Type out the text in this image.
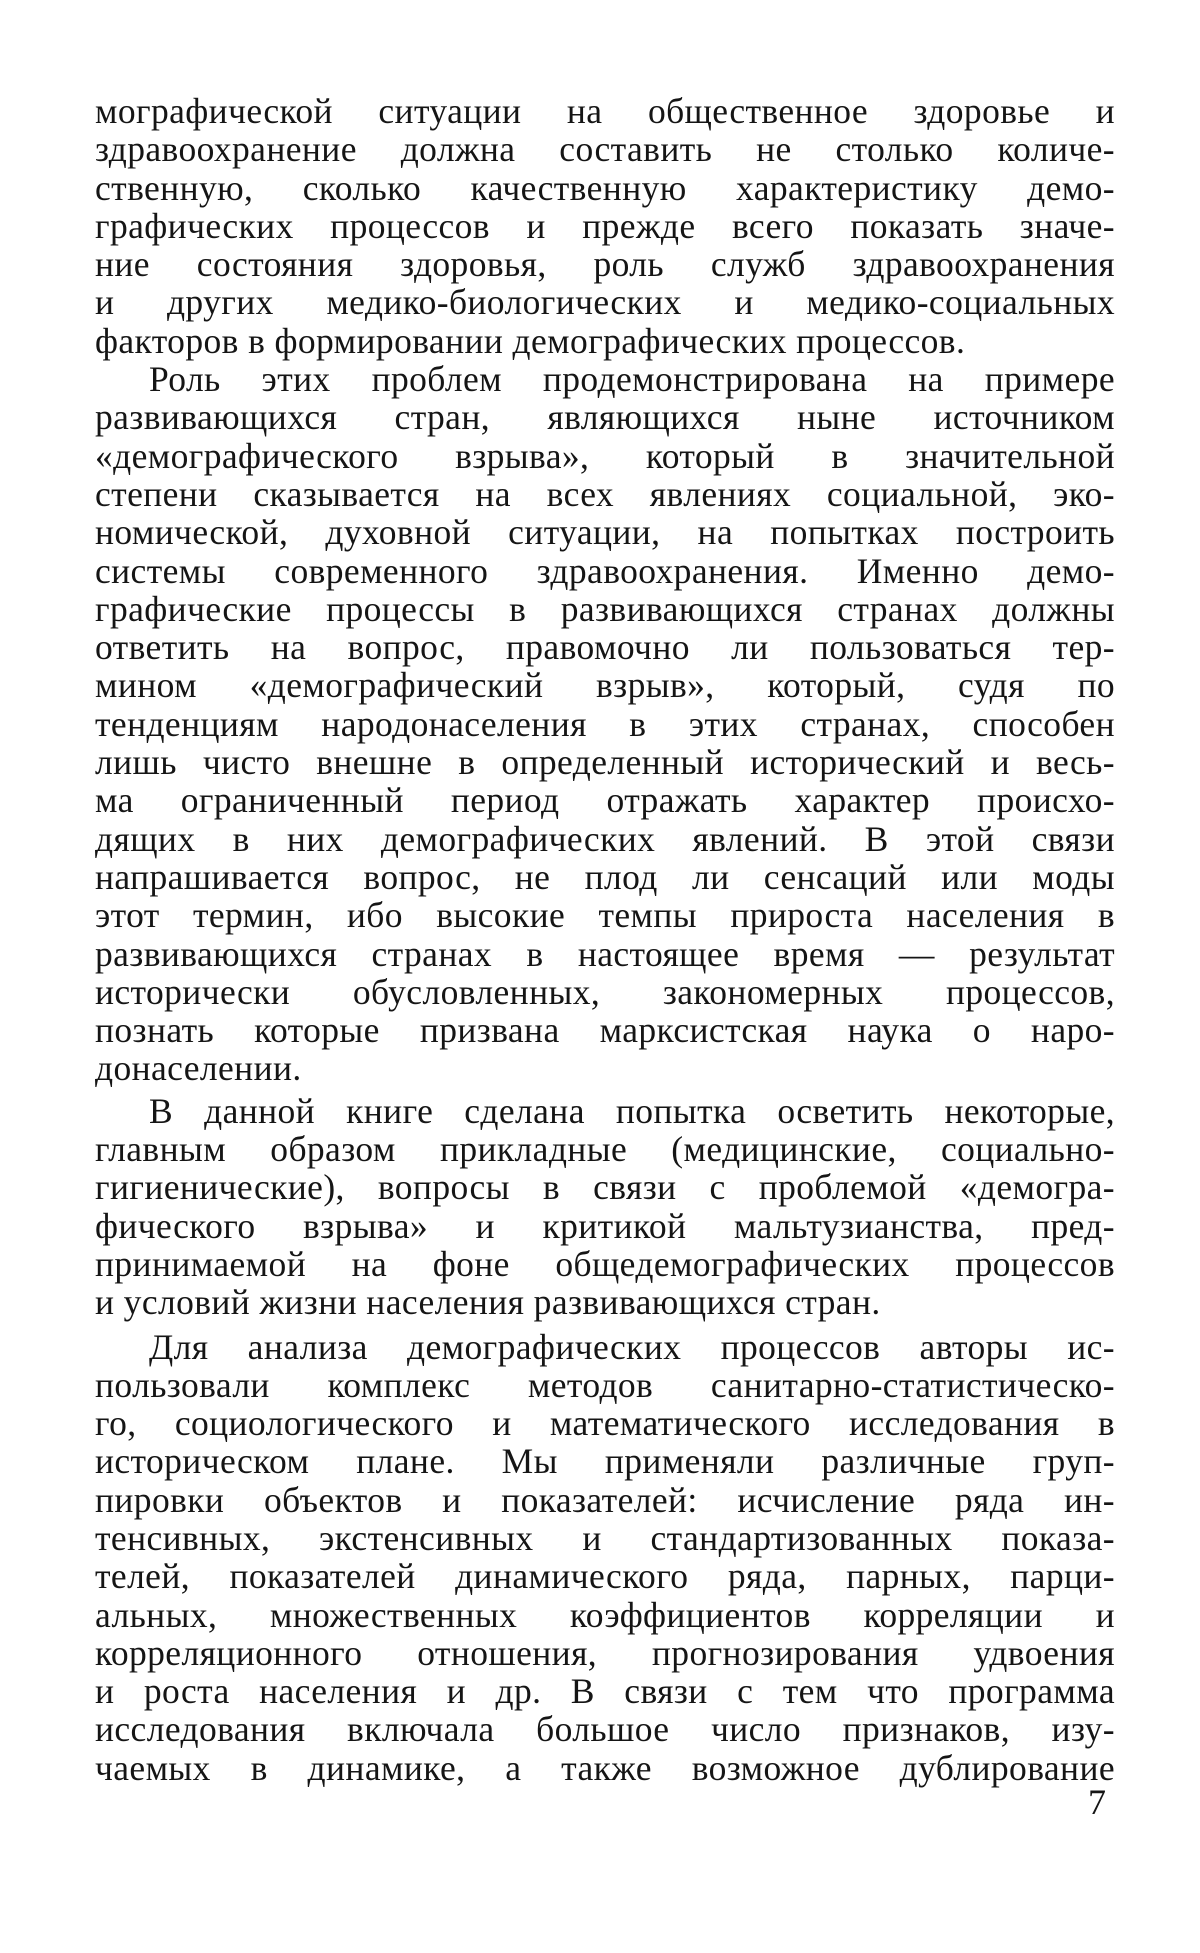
мографической ситуации на общественное здоровье и
здравоохранение должна составить не столько количе-
ственную, сколько качественную характеристику демо-
графических процессов и прежде всего показать значе-
ние состояния здоровья, роль служб здравоохранения
и других медико-биологических и медико-социальных
факторов в формировании демографических процессов.
Роль этих проблем продемонстрирована на примере
развивающихся стран, являющихся ныне источником
«демографического взрыва», который в значительной
степени сказывается на всех явлениях социальной, эко-
номической, духовной ситуации, на попытках построить
системы современного здравоохранения. Именно демо-
графические процессы в развивающихся странах должны
ответить на вопрос, правомочно ли пользоваться тер-
мином «демографический взрыв», который, судя по
тенденциям народонаселения в этих странах, способен
лишь чисто внешне в определенный исторический и весь-
ма ограниченный период отражать характер происхо-
дящих в них демографических явлений. В этой связи
напрашивается вопрос, не плод ли сенсаций или моды
этот термин, ибо высокие темпы прироста населения в
развивающихся странах в настоящее время — результат
исторически обусловленных, закономерных процессов,
познать которые призвана марксистская наука о наро-
донаселении.
В данной книге сделана попытка осветить некоторые,
главным образом прикладные (медицинские, социально-
гигиенические), вопросы в связи с проблемой «демогра-
фического взрыва» и критикой мальтузианства, пред-
принимаемой на фоне общедемографических процессов
и условий жизни населения развивающихся стран.
Для анализа демографических процессов авторы ис-
пользовали комплекс методов санитарно-статистическо-
го, социологического и математического исследования в
историческом плане. Мы применяли различные груп-
пировки объектов и показателей: исчисление ряда ин-
тенсивных, экстенсивных и стандартизованных показа-
телей, показателей динамического ряда, парных, парци-
альных, множественных коэффициентов корреляции и
корреляционного отношения, прогнозирования удвоения
и роста населения и др. В связи с тем что программа
исследования включала большое число признаков, изу-
чаемых в динамике, а также возможное дублирование
7
